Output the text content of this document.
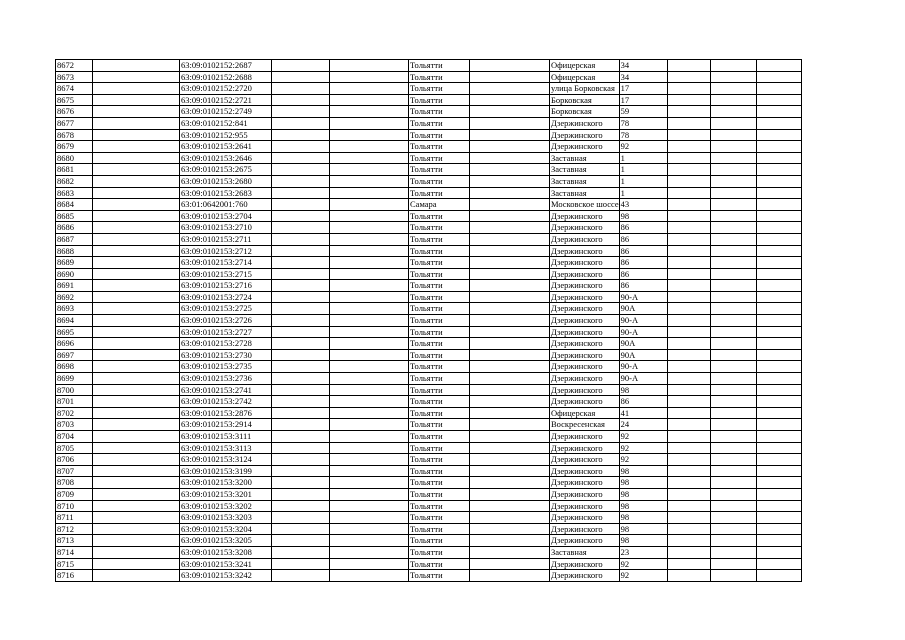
8672		63:09:0102152:2687			Тольятти		Офицерская	34			
8673		63:09:0102152:2688			Тольятти		Офицерская	34			
8674		63:09:0102152:2720			Тольятти		улица Борковская	17			
8675		63:09:0102152:2721			Тольятти		Борковская	17			
8676		63:09:0102152:2749			Тольятти		Борковская	59			
8677		63:09:0102152:841			Тольятти		Дзержинского	78			
8678		63:09:0102152:955			Тольятти		Дзержинского	78			
8679		63:09:0102153:2641			Тольятти		Дзержинского	92			
8680		63:09:0102153:2646			Тольятти		Заставная	1			
8681		63:09:0102153:2675			Тольятти		Заставная	1			
8682		63:09:0102153:2680			Тольятти		Заставная	1			
8683		63:09:0102153:2683			Тольятти		Заставная	1			
8684		63:01:0642001:760			Самара		Московское шоссе	43			
8685		63:09:0102153:2704			Тольятти		Дзержинского	98			
8686		63:09:0102153:2710			Тольятти		Дзержинского	86			
8687		63:09:0102153:2711			Тольятти		Дзержинского	86			
8688		63:09:0102153:2712			Тольятти		Дзержинского	86			
8689		63:09:0102153:2714			Тольятти		Дзержинского	86			
8690		63:09:0102153:2715			Тольятти		Дзержинского	86			
8691		63:09:0102153:2716			Тольятти		Дзержинского	86			
8692		63:09:0102153:2724			Тольятти		Дзержинского	90-А			
8693		63:09:0102153:2725			Тольятти		Дзержинского	90А			
8694		63:09:0102153:2726			Тольятти		Дзержинского	90-А			
8695		63:09:0102153:2727			Тольятти		Дзержинского	90-А			
8696		63:09:0102153:2728			Тольятти		Дзержинского	90А			
8697		63:09:0102153:2730			Тольятти		Дзержинского	90А			
8698		63:09:0102153:2735			Тольятти		Дзержинского	90-А			
8699		63:09:0102153:2736			Тольятти		Дзержинского	90-А			
8700		63:09:0102153:2741			Тольятти		Дзержинского	98			
8701		63:09:0102153:2742			Тольятти		Дзержинского	86			
8702		63:09:0102153:2876			Тольятти		Офицерская	41			
8703		63:09:0102153:2914			Тольятти		Воскресенская	24			
8704		63:09:0102153:3111			Тольятти		Дзержинского	92			
8705		63:09:0102153:3113			Тольятти		Дзержинского	92			
8706		63:09:0102153:3124			Тольятти		Дзержинского	92			
8707		63:09:0102153:3199			Тольятти		Дзержинского	98			
8708		63:09:0102153:3200			Тольятти		Дзержинского	98			
8709		63:09:0102153:3201			Тольятти		Дзержинского	98			
8710		63:09:0102153:3202			Тольятти		Дзержинского	98			
8711		63:09:0102153:3203			Тольятти		Дзержинского	98			
8712		63:09:0102153:3204			Тольятти		Дзержинского	98			
8713		63:09:0102153:3205			Тольятти		Дзержинского	98			
8714		63:09:0102153:3208			Тольятти		Заставная	23			
8715		63:09:0102153:3241			Тольятти		Дзержинского	92			
8716		63:09:0102153:3242			Тольятти		Дзержинского	92			
